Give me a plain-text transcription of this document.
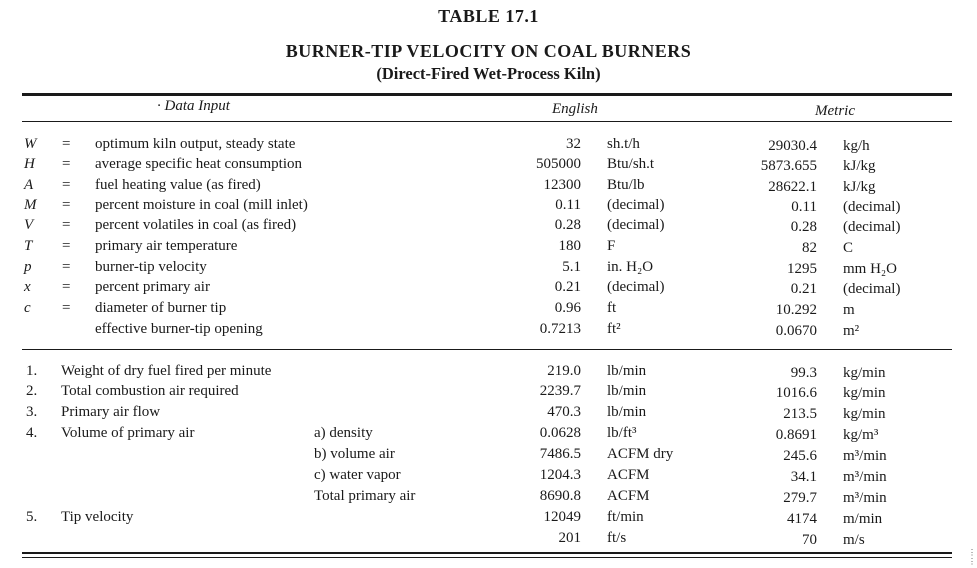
TABLE 17.1
BURNER-TIP VELOCITY ON COAL BURNERS
(Direct-Fired Wet-Process Kiln)
· Data Input	English	Metric
W = optimum kiln output, steady state	32 sh.t/h	29030.4 kg/h
H = average specific heat consumption	505000 Btu/sh.t	5873.655 kJ/kg
A = fuel heating value (as fired)	12300 Btu/lb	28622.1 kJ/kg
M = percent moisture in coal (mill inlet)	0.11 (decimal)	0.11 (decimal)
V = percent volatiles in coal (as fired)	0.28 (decimal)	0.28 (decimal)
T = primary air temperature	180 F	82 C
p = burner-tip velocity	5.1 in. H₂O	1295 mm H₂O
x = percent primary air	0.21 (decimal)	0.21 (decimal)
c = diameter of burner tip	0.96 ft	10.292 m
effective burner-tip opening	0.7213 ft²	0.0670 m²
1. Weight of dry fuel fired per minute	219.0 lb/min	99.3 kg/min
2. Total combustion air required	2239.7 lb/min	1016.6 kg/min
3. Primary air flow	470.3 lb/min	213.5 kg/min
4. Volume of primary air	a) density	0.0628 lb/ft³	0.8691 kg/m³
b) volume air	7486.5 ACFM dry	245.6 m³/min
c) water vapor	1204.3 ACFM	34.1 m³/min
Total primary air	8690.8 ACFM	279.7 m³/min
5. Tip velocity	12049 ft/min	4174 m/min
201 ft/s	70 m/s
⋮
⋮
